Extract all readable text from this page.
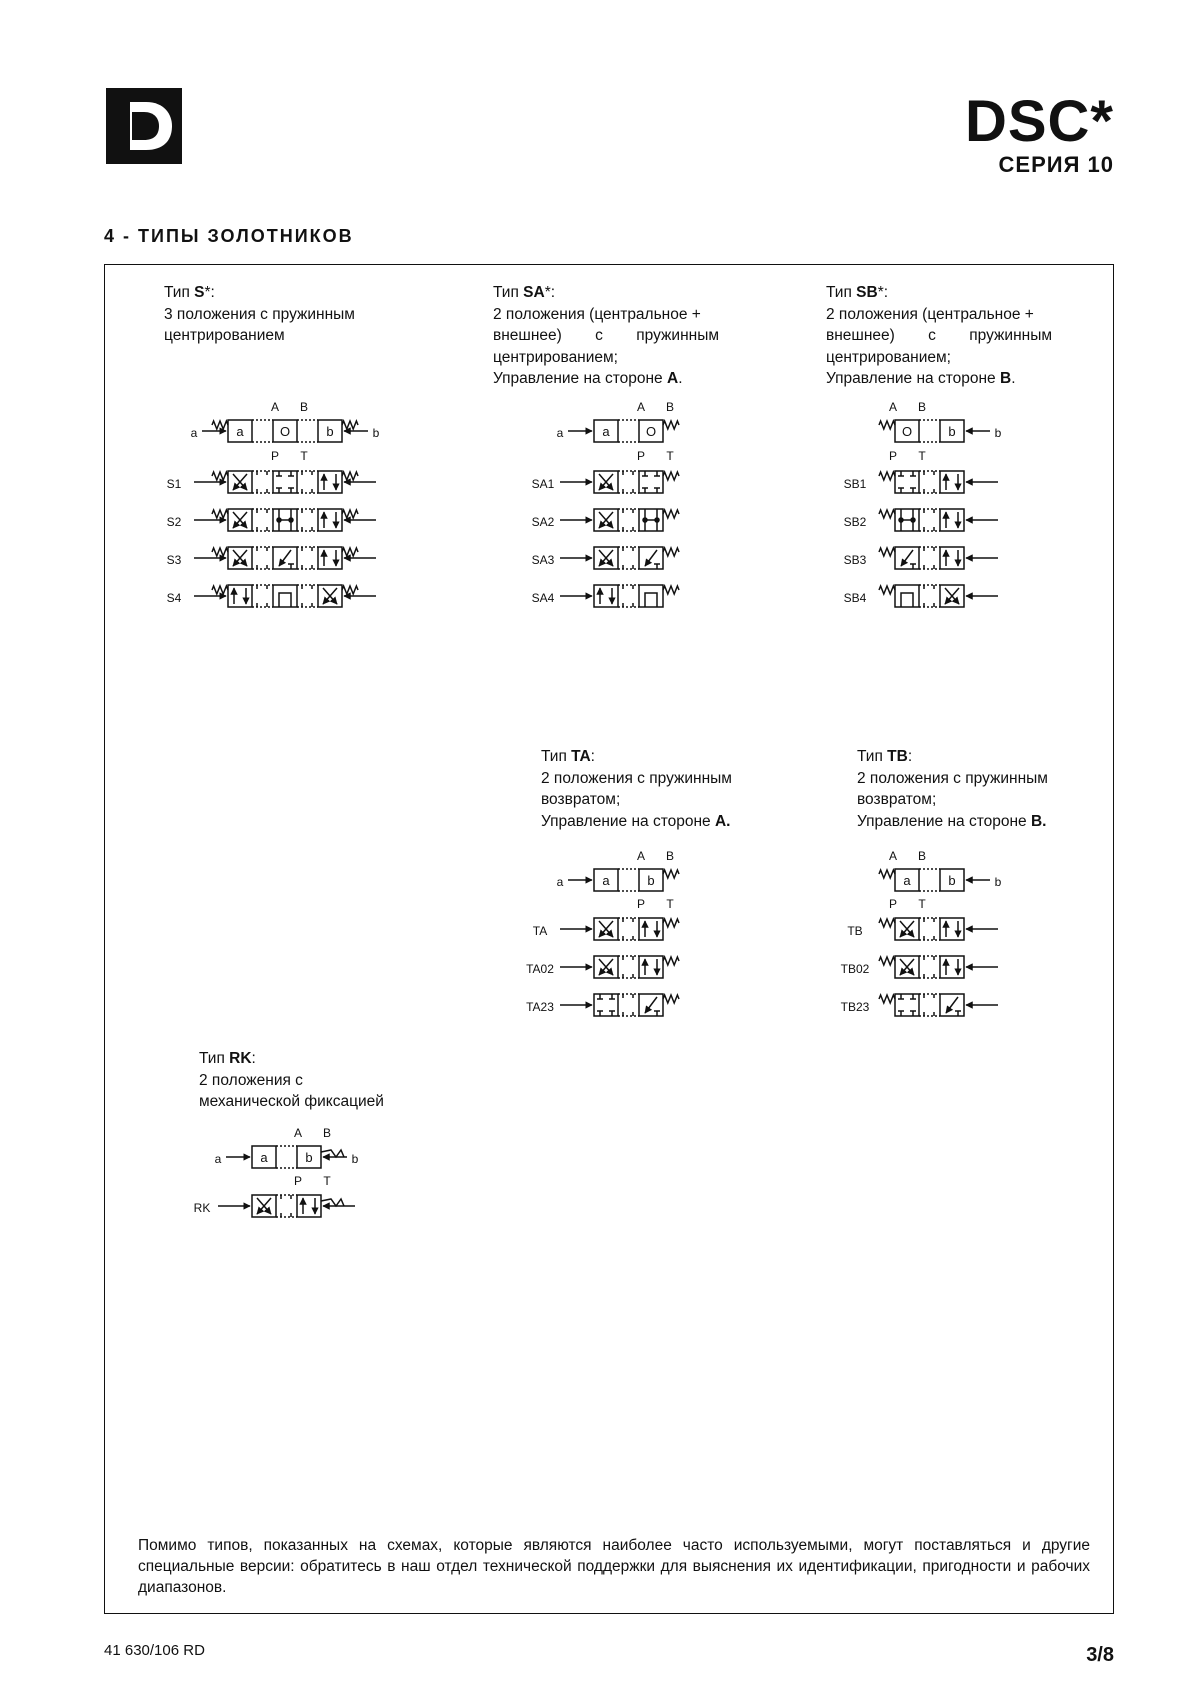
DSC*
СЕРИЯ 10
4 - ТИПЫ ЗОЛОТНИКОВ

Тип S*:

3 положения с пружинным

центрированием

Тип SA*:

2 положения (центральное +

внешнее) с пружинным

центрированием;

Управление на стороне A.

Тип SB*:

2 положения (центральное +

внешнее) с пружинным

центрированием;

Управление на стороне B.

Тип TA:

2 положения с пружинным

возвратом;

Управление на стороне A.

Тип TB:

2 положения с пружинным

возвратом;

Управление на стороне B.

Тип RK:

2 положения с

механической фиксацией

a	O	b
a	b
A B
P T
S1
S2
S3
S4
a	O
a
A B
P T
SA1
SA2
SA3
SA4
O	b	b
A B
P T
SB1
SB2
SB3
SB4
a	b
a
A B
P T
TA
TA02
TA23
a	b	b
A B
P T
TB
TB02
TB23
a	b
a	b
A B
P T
RK
Помимо типов, показанных на схемах, которые являются наиболее часто используемыми, могут поставляться и другие специальные версии: обратитесь в наш отдел технической поддержки для выяснения их идентификации, пригодности и рабочих диапазонов.
41 630/106 RD	3/8
